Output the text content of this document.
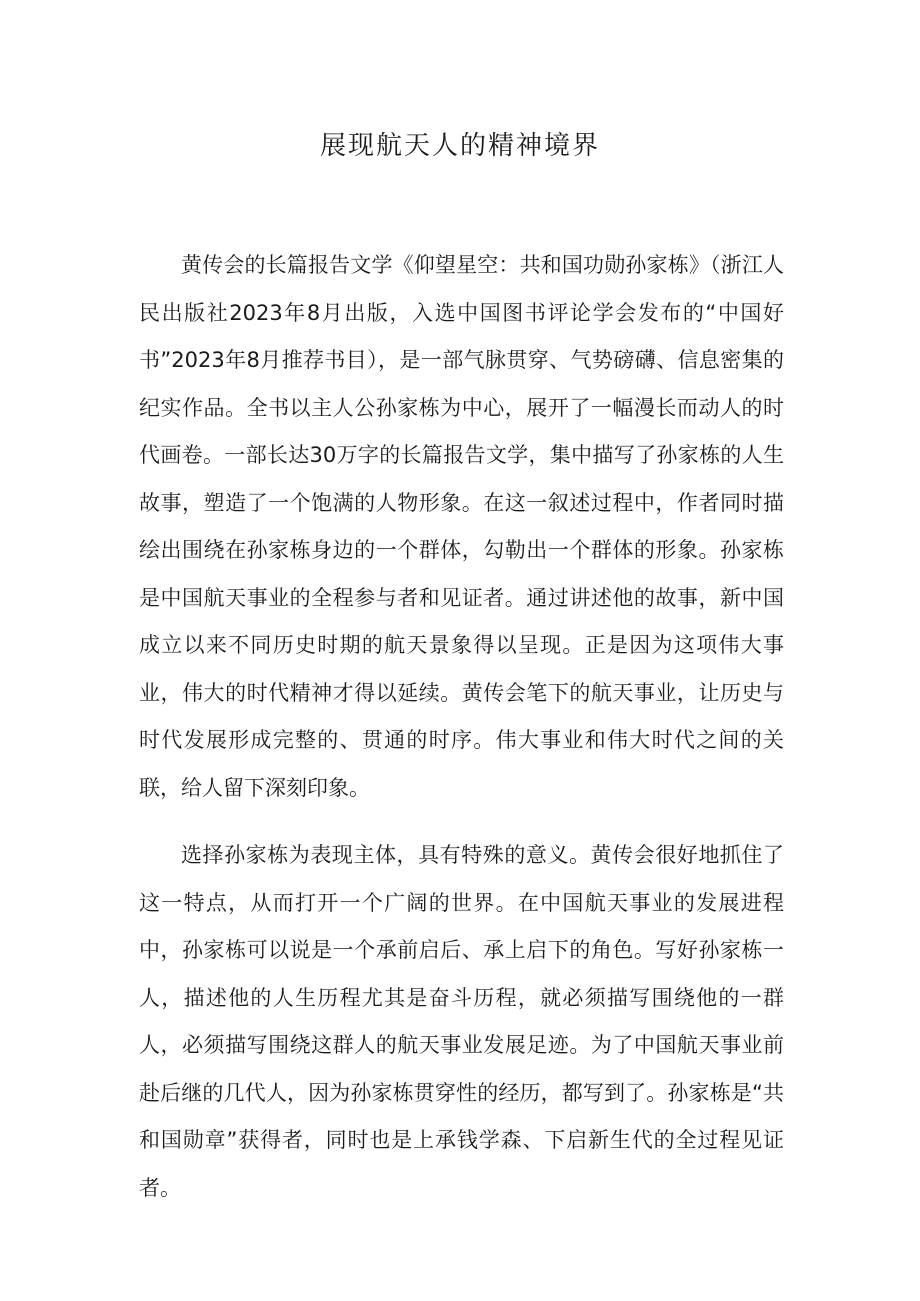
展现航天人的精神境界

黄传会的长篇报告文学《仰望星空：共和国功勋孙家栋》（浙江人民出版社2023年8月出版，入选中国图书评论学会发布的“中国好书”2023年8月推荐书目），是一部气脉贯穿、气势磅礴、信息密集的纪实作品。全书以主人公孙家栋为中心，展开了一幅漫长而动人的时代画卷。一部长达30万字的长篇报告文学，集中描写了孙家栋的人生故事，塑造了一个饱满的人物形象。在这一叙述过程中，作者同时描绘出围绕在孙家栋身边的一个群体，勾勒出一个群体的形象。孙家栋是中国航天事业的全程参与者和见证者。通过讲述他的故事，新中国成立以来不同历史时期的航天景象得以呈现。正是因为这项伟大事业，伟大的时代精神才得以延续。黄传会笔下的航天事业，让历史与时代发展形成完整的、贯通的时序。伟大事业和伟大时代之间的关联，给人留下深刻印象。

选择孙家栋为表现主体，具有特殊的意义。黄传会很好地抓住了这一特点，从而打开一个广阔的世界。在中国航天事业的发展进程中，孙家栋可以说是一个承前启后、承上启下的角色。写好孙家栋一人，描述他的人生历程尤其是奋斗历程，就必须描写围绕他的一群人，必须描写围绕这群人的航天事业发展足迹。为了中国航天事业前赴后继的几代人，因为孙家栋贯穿性的经历，都写到了。孙家栋是“共和国勋章”获得者，同时也是上承钱学森、下启新生代的全过程见证者。
